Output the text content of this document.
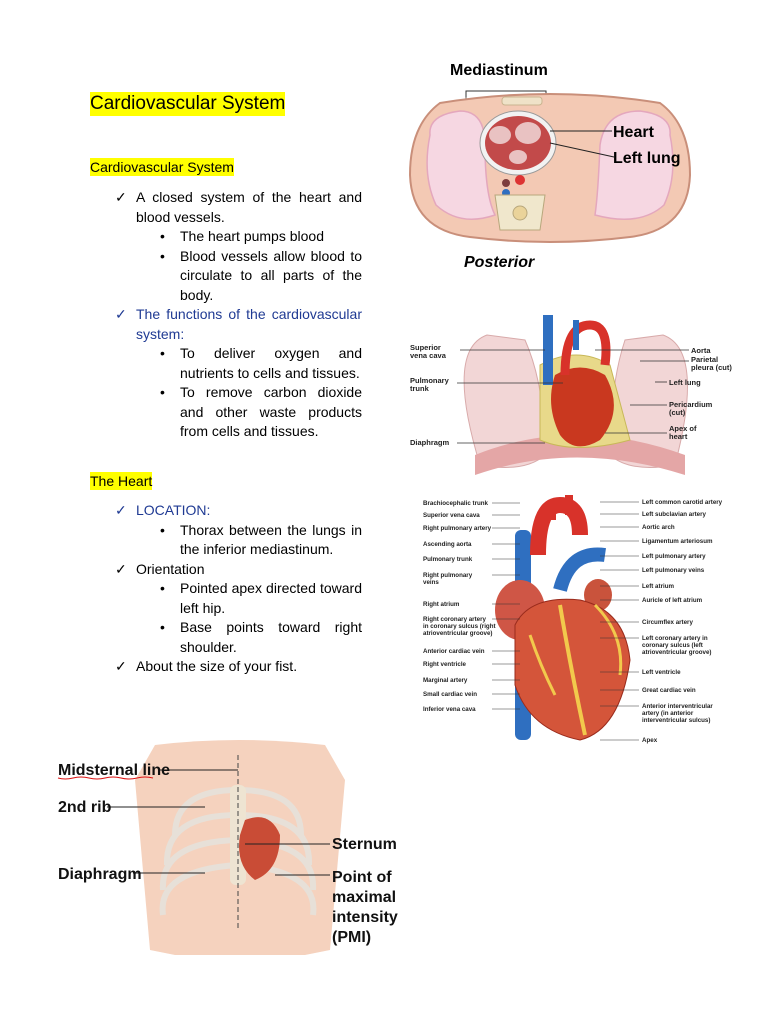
Cardiovascular System
Cardiovascular System
✓ A closed system of the heart and blood vessels.
• The heart pumps blood
• Blood vessels allow blood to circulate to all parts of the body.
✓ The functions of the cardiovascular system:
• To deliver oxygen and nutrients to cells and tissues.
• To remove carbon dioxide and other waste products from cells and tissues.
The Heart
✓ LOCATION:
• Thorax between the lungs in the inferior mediastinum.
✓ Orientation
• Pointed apex directed toward left hip.
• Base points toward right shoulder.
✓ About the size of your fist.
Mediastinum
Heart
Left lung
Posterior
Superior
vena cava
Pulmonary
trunk
Diaphragm
Aorta
Parietal
pleura (cut)
Left lung
Pericardium
(cut)
Apex of
heart
Brachiocephalic trunk
Superior vena cava
Right pulmonary artery
Ascending aorta
Pulmonary trunk
Right pulmonary
veins
Right atrium
Right coronary artery
in coronary sulcus (right
atrioventricular groove)
Anterior cardiac vein
Right ventricle
Marginal artery
Small cardiac vein
Inferior vena cava
Left common carotid artery
Left subclavian artery
Aortic arch
Ligamentum arteriosum
Left pulmonary artery
Left pulmonary veins
Left atrium
Auricle of left atrium
Circumflex artery
Left coronary artery in
coronary sulcus (left
atrioventricular groove)
Left ventricle
Great cardiac vein
Anterior interventricular
artery (in anterior
interventricular sulcus)
Apex
Midsternal line
2nd rib
Diaphragm
Sternum
Point of
maximal
intensity
(PMI)
